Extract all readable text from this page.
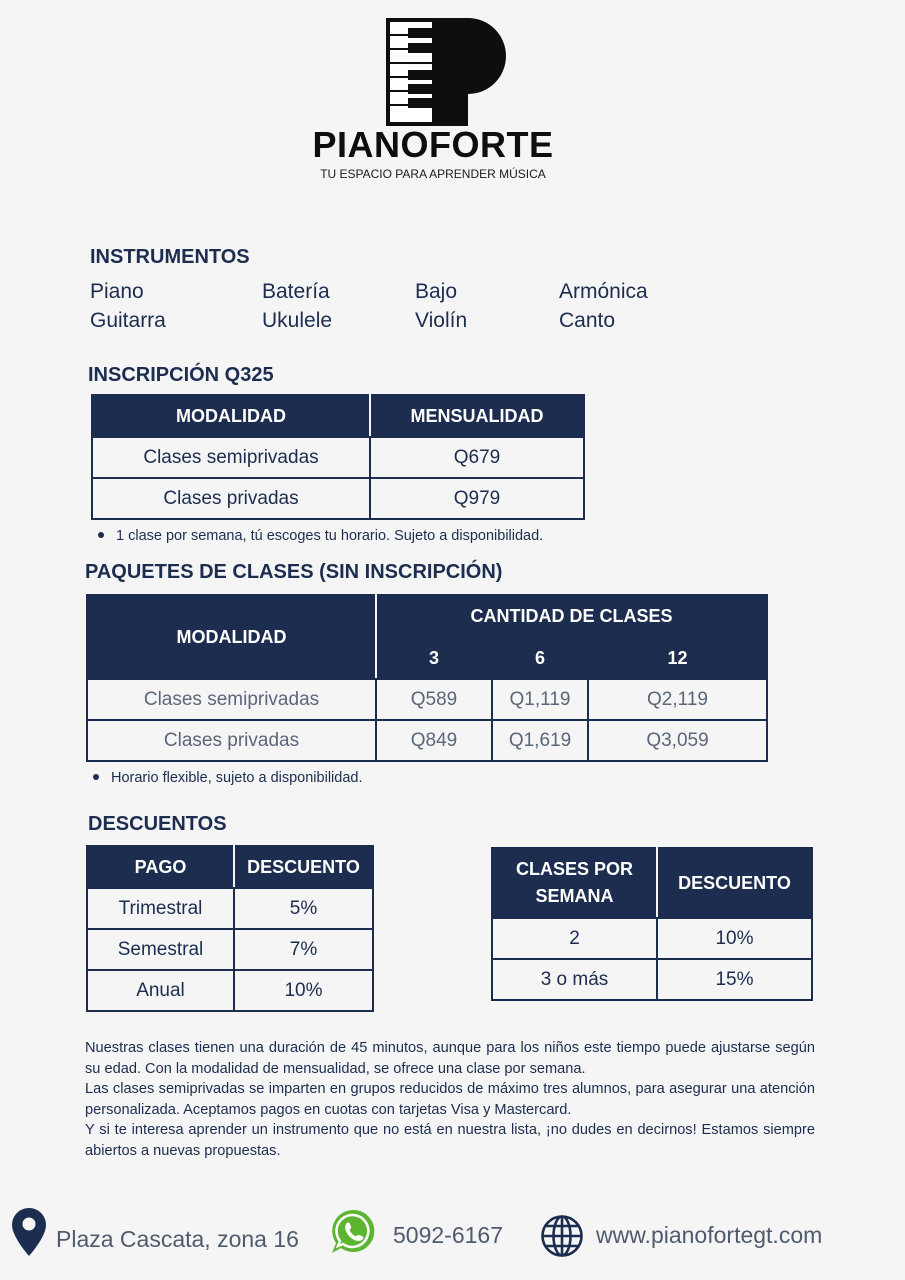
PIANOFORTE
TU ESPACIO PARA APRENDER MÚSICA
INSTRUMENTOS
Piano	Batería	Bajo	Armónica
Guitarra	Ukulele	Violín	Canto
INSCRIPCIÓN Q325
MODALIDAD	MENSUALIDAD
Clases semiprivadas	Q679
Clases privadas	Q979
1 clase por semana, tú escoges tu horario. Sujeto a disponibilidad.
PAQUETES DE CLASES (SIN INSCRIPCIÓN)
MODALIDAD	CANTIDAD DE CLASES		
	3	6	12
Clases semiprivadas	Q589	Q1,119	Q2,119
Clases privadas	Q849	Q1,619	Q3,059
Horario flexible, sujeto a disponibilidad.
DESCUENTOS
PAGO	DESCUENTO
Trimestral	5%
Semestral	7%
Anual	10%
CLASES POR
SEMANA	DESCUENTO
2	10%
3 o más	15%

Nuestras clases tienen una duración de 45 minutos, aunque para los niños este tiempo puede ajustarse según su edad. Con la modalidad de mensualidad, se ofrece una clase por semana.

Las clases semiprivadas se imparten en grupos reducidos de máximo tres alumnos, para asegurar una atención personalizada. Aceptamos pagos en cuotas con tarjetas Visa y Mastercard.

Y si te interesa aprender un instrumento que no está en nuestra lista, ¡no dudes en decirnos! Estamos siempre abiertos a nuevas propuestas.

Plaza Cascata, zona 16	5092-6167	www.pianofortegt.com
